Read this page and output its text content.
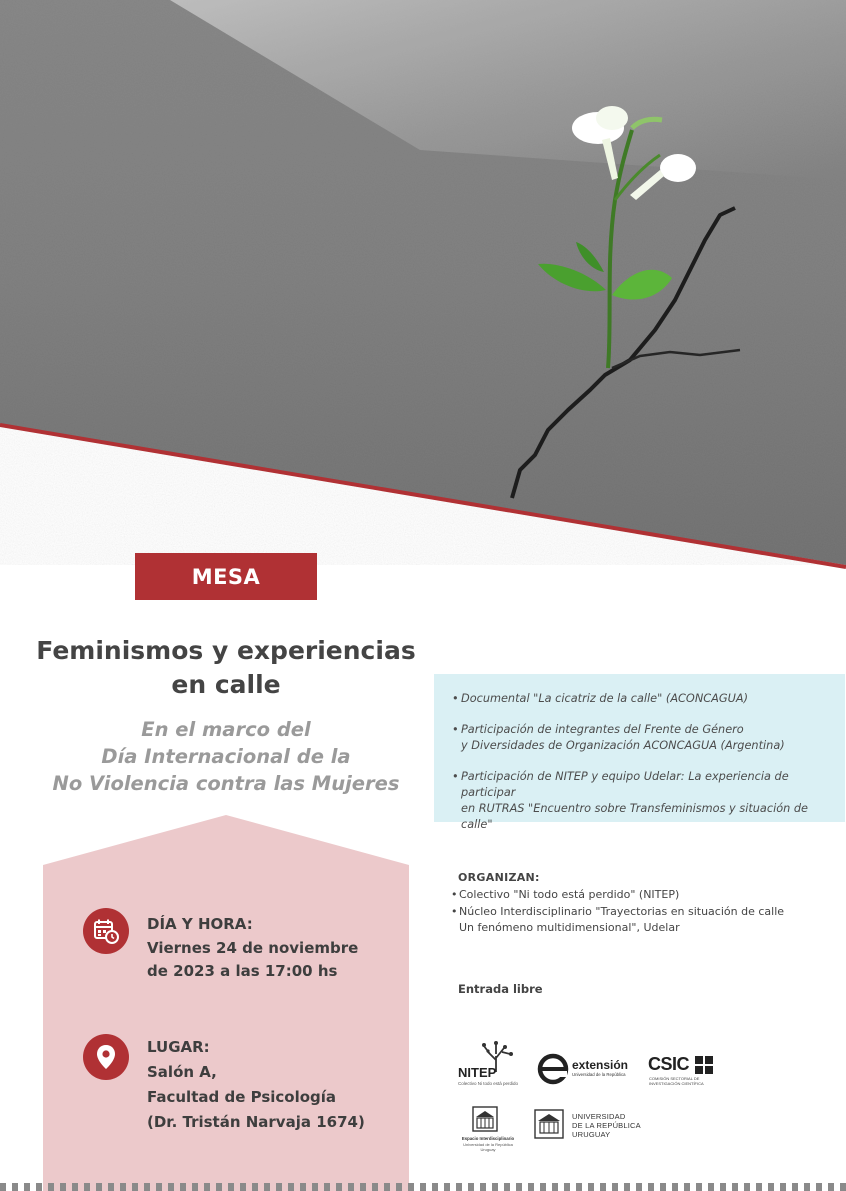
MESA
Feminismos y experiencias
en calle
En el marco del
Día Internacional de la
No Violencia contra las Mujeres
• Documental "La cicatriz de la calle" (ACONCAGUA)
• Participación de integrantes del Frente de Género
y Diversidades de Organización ACONCAGUA (Argentina)
• Participación de NITEP y equipo Udelar: La experiencia de participar
en RUTRAS "Encuentro sobre Transfeminismos y situación de calle"
DÍA Y HORA:
Viernes 24 de noviembre
de 2023 a las 17:00 hs
LUGAR:
Salón A,
Facultad de Psicología
(Dr. Tristán Narvaja 1674)
ORGANIZAN:
• Colectivo "Ni todo está perdido" (NITEP)
• Núcleo Interdisciplinario "Trayectorias en situación de calle
Un fenómeno multidimensional", Udelar
Entrada libre
NITEP
Colectivo Ni todo está perdido
extensión
Universidad de la República
CSIC
COMISIÓN SECTORIAL DE
INVESTIGACIÓN CIENTÍFICA
Espacio Interdisciplinario
Universidad de la República
Uruguay
UNIVERSIDAD
DE LA REPÚBLICA
URUGUAY
